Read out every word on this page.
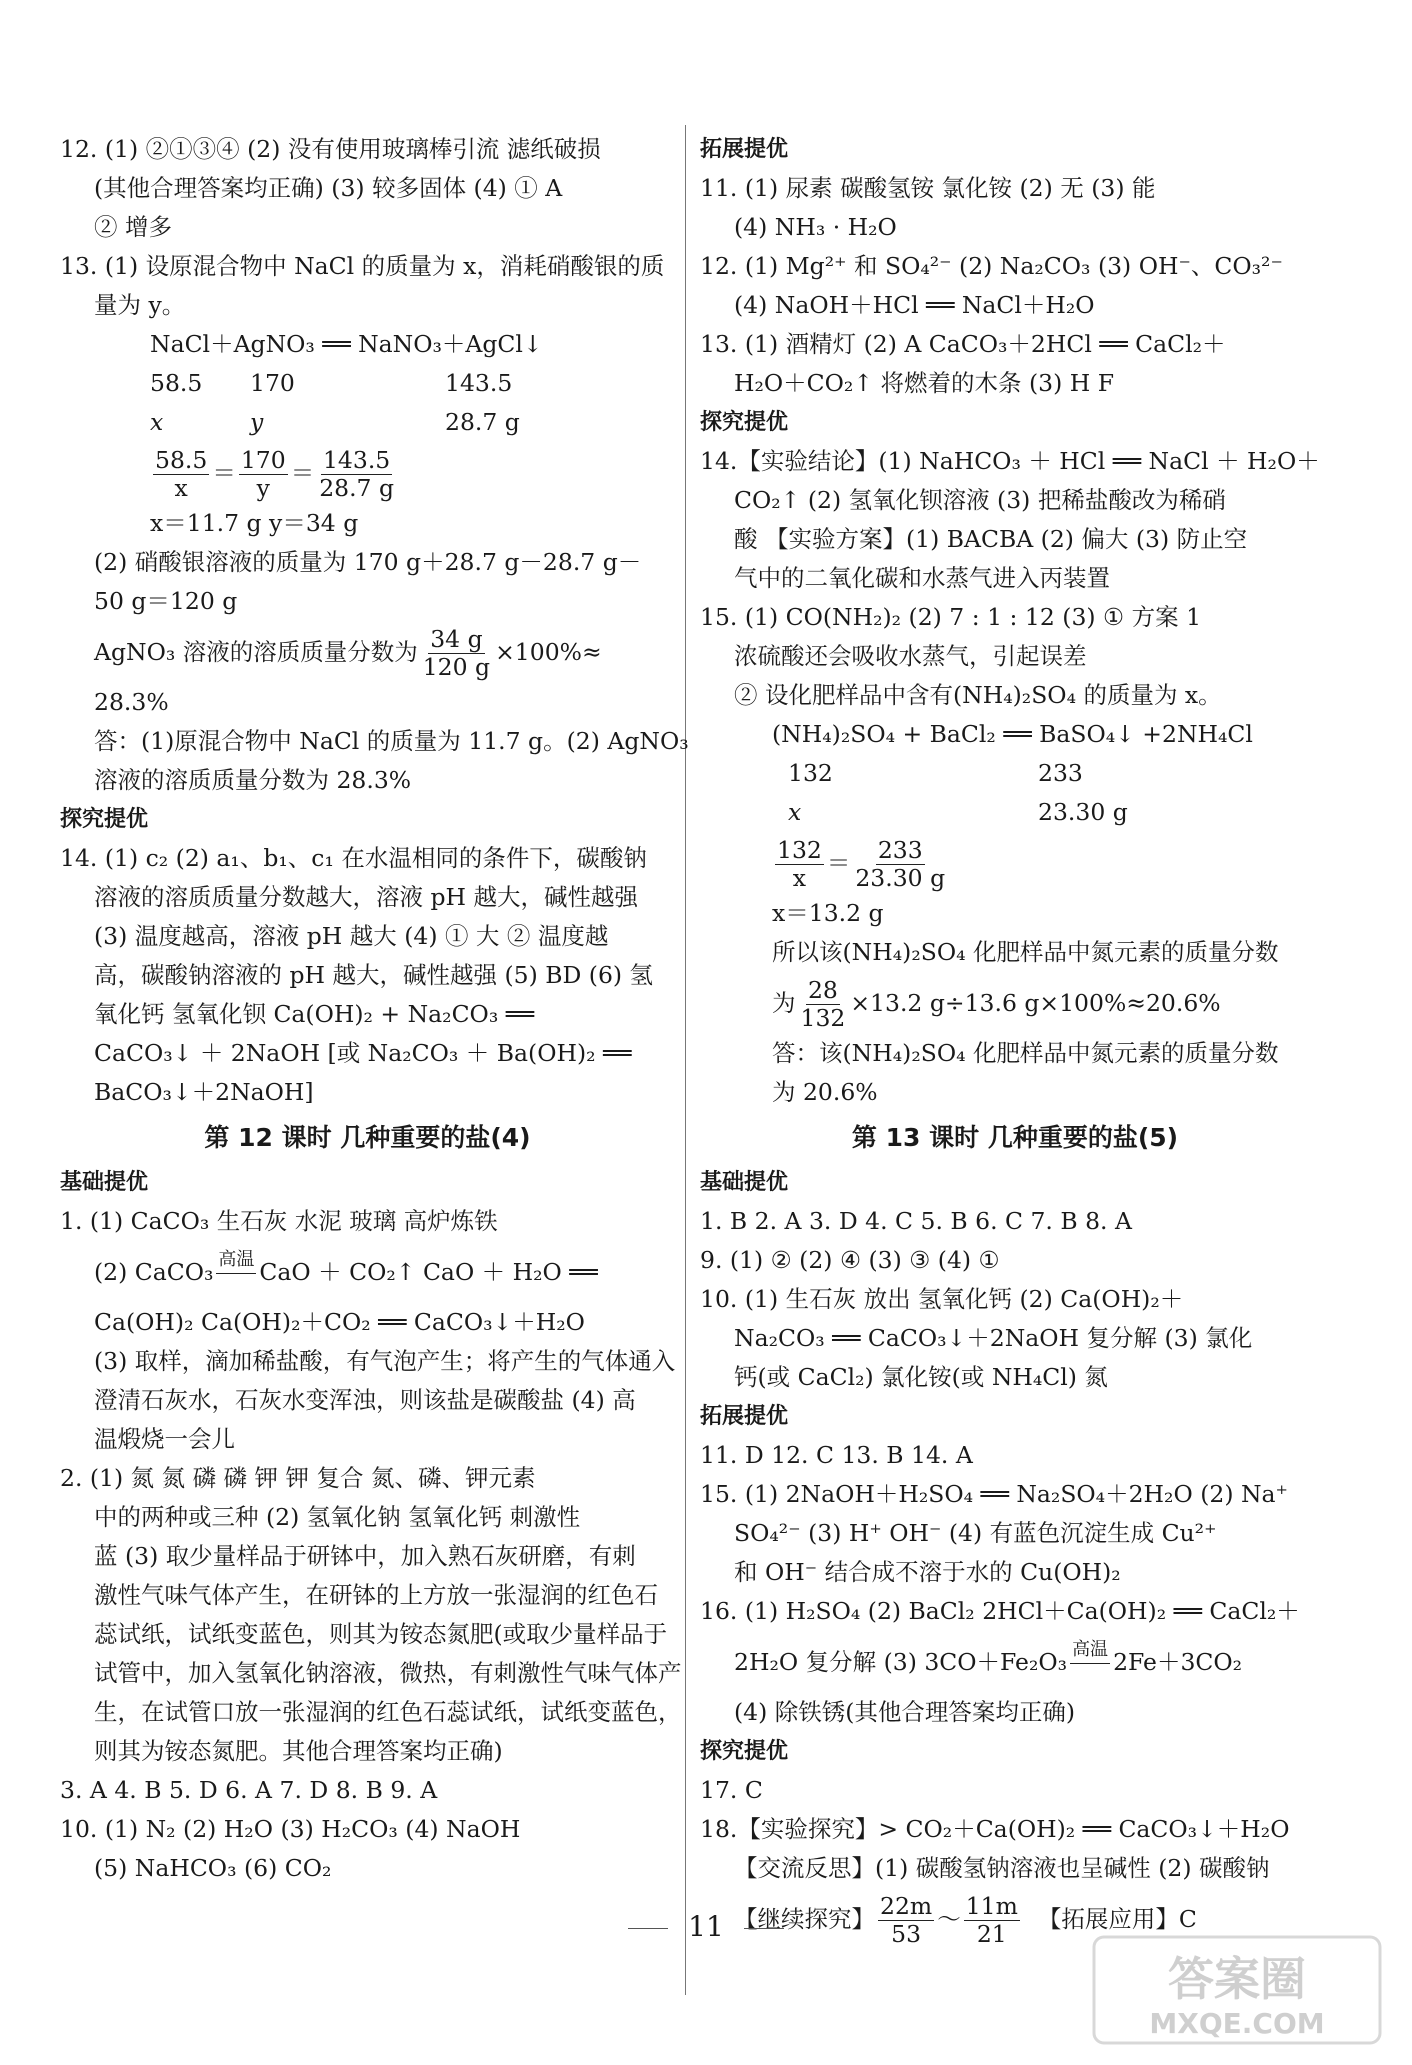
12. (1) ②①③④ (2) 没有使用玻璃棒引流 滤纸破损
(其他合理答案均正确) (3) 较多固体 (4) ① A
② 增多
13. (1) 设原混合物中 NaCl 的质量为 x，消耗硝酸银的质
量为 y。
NaCl＋AgNO₃ ══ NaNO₃＋AgCl↓
58.5 170	143.5
x	y	28.7 g
$\frac{58.5}{x} = \frac{170}{y} = \frac{143.5}{28.7 g}$
x＝11.7 g y＝34 g
(2) 硝酸银溶液的质量为 170 g＋28.7 g－28.7 g－
50 g＝120 g
AgNO₃ 溶液的溶质质量分数为 $\frac{34 g}{120 g} \times 100\%\approx$
28.3%
答：(1)原混合物中 NaCl 的质量为 11.7 g。(2) AgNO₃
溶液的溶质质量分数为 28.3%
探究提优
14. (1) c₂ (2) a₁、b₁、c₁ 在水温相同的条件下，碳酸钠
溶液的溶质质量分数越大，溶液 pH 越大，碱性越强
(3) 温度越高，溶液 pH 越大 (4) ① 大 ② 温度越
高，碳酸钠溶液的 pH 越大，碱性越强 (5) BD (6) 氢
氧化钙 氢氧化钡 Ca(OH)₂ + Na₂CO₃ ══
CaCO₃↓ ＋ 2NaOH [或 Na₂CO₃ ＋ Ba(OH)₂ ══
BaCO₃↓＋2NaOH]
第 12 课时 几种重要的盐(4)
基础提优
1. (1) CaCO₃ 生石灰 水泥 玻璃 高炉炼铁
(2) CaCO₃ 高温
CaO ＋ CO₂↑ CaO ＋ H₂O ══
Ca(OH)₂ Ca(OH)₂＋CO₂ ══ CaCO₃↓＋H₂O
(3) 取样，滴加稀盐酸，有气泡产生；将产生的气体通入
澄清石灰水，石灰水变浑浊，则该盐是碳酸盐 (4) 高
温煅烧一会儿
2. (1) 氮 氮 磷 磷 钾 钾 复合 氮、磷、钾元素
中的两种或三种 (2) 氢氧化钠 氢氧化钙 刺激性
蓝 (3) 取少量样品于研钵中，加入熟石灰研磨，有刺
激性气味气体产生，在研钵的上方放一张湿润的红色石
蕊试纸，试纸变蓝色，则其为铵态氮肥(或取少量样品于
试管中，加入氢氧化钠溶液，微热，有刺激性气味气体产
生，在试管口放一张湿润的红色石蕊试纸，试纸变蓝色，
则其为铵态氮肥。其他合理答案均正确)
3. A 4. B 5. D 6. A 7. D 8. B 9. A
10. (1) N₂ (2) H₂O (3) H₂CO₃ (4) NaOH
(5) NaHCO₃ (6) CO₂
拓展提优
11. (1) 尿素 碳酸氢铵 氯化铵 (2) 无 (3) 能
(4) NH₃ · H₂O
12. (1) Mg²⁺ 和 SO₄²⁻ (2) Na₂CO₃ (3) OH⁻、CO₃²⁻
(4) NaOH＋HCl ══ NaCl＋H₂O
13. (1) 酒精灯 (2) A CaCO₃＋2HCl ══ CaCl₂＋
H₂O＋CO₂↑ 将燃着的木条 (3) H F
探究提优
14.【实验结论】(1) NaHCO₃ ＋ HCl ══ NaCl ＋ H₂O＋
CO₂↑ (2) 氢氧化钡溶液 (3) 把稀盐酸改为稀硝
酸 【实验方案】(1) BACBA (2) 偏大 (3) 防止空
气中的二氧化碳和水蒸气进入丙装置
15. (1) CO(NH₂)₂ (2) 7 : 1 : 12 (3) ① 方案 1
浓硫酸还会吸收水蒸气，引起误差
② 设化肥样品中含有(NH₄)₂SO₄ 的质量为 x。
(NH₄)₂SO₄ + BaCl₂ ══ BaSO₄↓ +2NH₄Cl
132	233
x	23.30 g
$\frac{132}{x} = \frac{233}{23.30 g}$
x＝13.2 g
所以该(NH₄)₂SO₄ 化肥样品中氮元素的质量分数
为 $\frac{28}{132} \times 13.2$ g÷13.6 g×100%≈20.6%
答：该(NH₄)₂SO₄ 化肥样品中氮元素的质量分数
为 20.6%
第 13 课时 几种重要的盐(5)
基础提优
1. B 2. A 3. D 4. C 5. B 6. C 7. B 8. A
9. (1) ② (2) ④ (3) ③ (4) ①
10. (1) 生石灰 放出 氢氧化钙 (2) Ca(OH)₂＋
Na₂CO₃ ══ CaCO₃↓＋2NaOH 复分解 (3) 氯化
钙(或 CaCl₂) 氯化铵(或 NH₄Cl) 氮
拓展提优
11. D 12. C 13. B 14. A
15. (1) 2NaOH＋H₂SO₄ ══ Na₂SO₄＋2H₂O (2) Na⁺
SO₄²⁻ (3) H⁺ OH⁻ (4) 有蓝色沉淀生成 Cu²⁺
和 OH⁻ 结合成不溶于水的 Cu(OH)₂
16. (1) H₂SO₄ (2) BaCl₂ 2HCl＋Ca(OH)₂ ══ CaCl₂＋
2H₂O 复分解 (3) 3CO＋Fe₂O₃ 高温
2Fe＋3CO₂
(4) 除铁锈(其他合理答案均正确)
探究提优
17. C
18.【实验探究】> CO₂＋Ca(OH)₂ ══ CaCO₃↓＋H₂O
【交流反思】(1) 碳酸氢钠溶液也呈碱性 (2) 碳酸钠
【继续探究】 $\frac{22m}{53}$ ～ $\frac{11m}{21}$ 【拓展应用】C
11
答案圈
MXQE.COM
